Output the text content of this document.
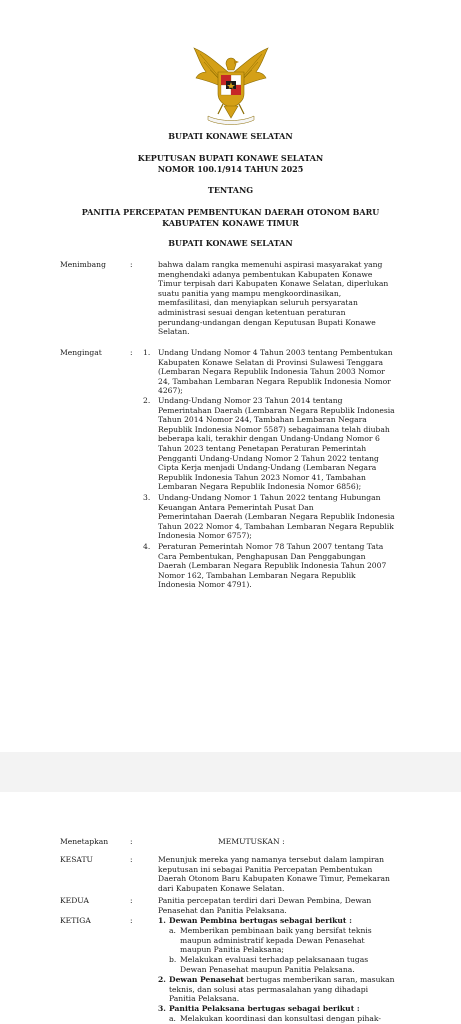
BUPATI KONAWE SELATAN
KEPUTUSAN BUPATI KONAWE SELATAN
NOMOR 100.1/914 TAHUN 2025
TENTANG
PANITIA PERCEPATAN PEMBENTUKAN DAERAH OTONOM BARU
KABUPATEN KONAWE TIMUR
BUPATI KONAWE SELATAN
Menimbang	:	bahwa dalam rangka memenuhi aspirasi masyarakat yang
menghendaki adanya pembentukan Kabupaten Konawe
Timur terpisah dari Kabupaten Konawe Selatan, diperlukan
suatu panitia yang mampu mengkoordinasikan,
memfasilitasi, dan menyiapkan seluruh persyaratan
administrasi sesuai dengan ketentuan peraturan
perundang-undangan dengan Keputusan Bupati Konawe
Selatan.
Mengingat	: 1. Undang Undang Nomor 4 Tahun 2003 tentang Pembentukan
Kabupaten Konawe Selatan di Provinsi Sulawesi Tenggara
(Lembaran Negara Republik Indonesia Tahun 2003 Nomor
24, Tambahan Lembaran Negara Republik Indonesia Nomor
4267);
2. Undang-Undang Nomor 23 Tahun 2014 tentang
Pemerintahan Daerah (Lembaran Negara Republik Indonesia
Tahun 2014 Nomor 244, Tambahan Lembaran Negara
Republik Indonesia Nomor 5587) sebagaimana telah diubah
beberapa kali, terakhir dengan Undang-Undang Nomor 6
Tahun 2023 tentang Penetapan Peraturan Pemerintah
Pengganti Undang-Undang Nomor 2 Tahun 2022 tentang
Cipta Kerja menjadi Undang-Undang (Lembaran Negara
Republik Indonesia Tahun 2023 Nomor 41, Tambahan
Lembaran Negara Republik Indonesia Nomor 6856);
3. Undang-Undang Nomor 1 Tahun 2022 tentang Hubungan
Keuangan Antara Pemerintah Pusat Dan
Pemerintahan Daerah (Lembaran Negara Republik Indonesia
Tahun 2022 Nomor 4, Tambahan Lembaran Negara Republik
Indonesia Nomor 6757);
4. Peraturan Pemerintah Nomor 78 Tahun 2007 tentang Tata
Cara Pembentukan, Penghapusan Dan Penggabungan
Daerah (Lembaran Negara Republik Indonesia Tahun 2007
Nomor 162, Tambahan Lembaran Negara Republik
Indonesia Nomor 4791).
Menetapkan	:	MEMUTUSKAN :
KESATU	:	Menunjuk mereka yang namanya tersebut dalam lampiran
keputusan ini sebagai Panitia Percepatan Pembentukan
Daerah Otonom Baru Kabupaten Konawe Timur, Pemekaran
dari Kabupaten Konawe Selatan.
KEDUA	:	Panitia percepatan terdiri dari Dewan Pembina, Dewan
Penasehat dan Panitia Pelaksana.
KETIGA	:	1. Dewan Pembina bertugas sebagai berikut :
a. Memberikan pembinaan baik yang bersifat teknis
maupun administratif kepada Dewan Penasehat
maupun Panitia Pelaksana;
b. Melakukan evaluasi terhadap pelaksanaan tugas
Dewan Penasehat maupun Panitia Pelaksana.
2. Dewan Penasehat bertugas memberikan saran, masukan
teknis, dan solusi atas permasalahan yang dihadapi
Panitia Pelaksana.
3. Panitia Pelaksana bertugas sebagai berikut :
a. Melakukan koordinasi dan konsultasi dengan pihak-
